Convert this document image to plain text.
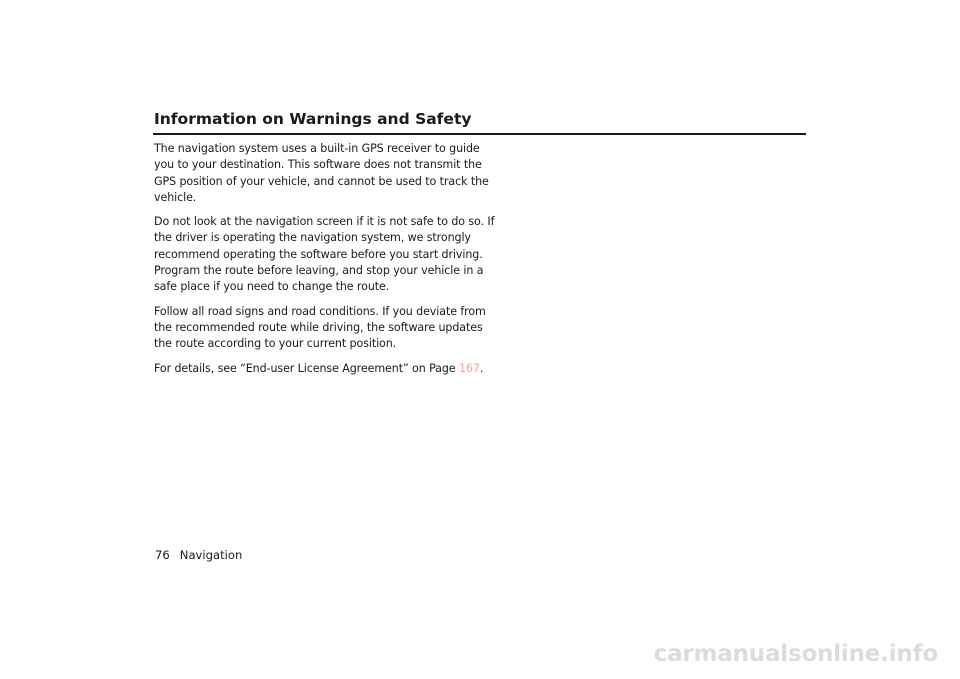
Information on Warnings and Safety

The navigation system uses a built-in GPS receiver to guide
you to your destination. This software does not transmit the
GPS position of your vehicle, and cannot be used to track the
vehicle.

Do not look at the navigation screen if it is not safe to do so. If
the driver is operating the navigation system, we strongly
recommend operating the software before you start driving.
Program the route before leaving, and stop your vehicle in a
safe place if you need to change the route.

Follow all road signs and road conditions. If you deviate from
the recommended route while driving, the software updates
the route according to your current position.

For details, see “End-user License Agreement” on Page 167.

76 Navigation
carmanualsonline.info
